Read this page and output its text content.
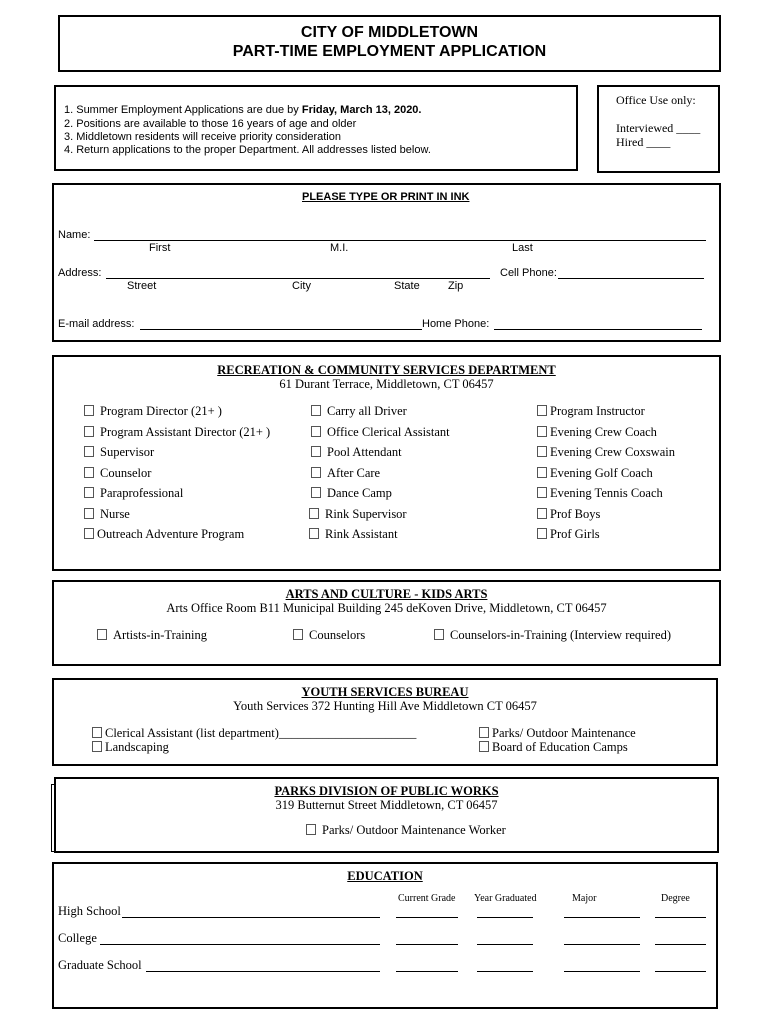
CITY OF MIDDLETOWN
PART-TIME EMPLOYMENT APPLICATION
1. Summer Employment Applications are due by Friday, March 13, 2020.
2. Positions are available to those 16 years of age and older
3. Middletown residents will receive priority consideration
4. Return applications to the proper Department. All addresses listed below.
Office Use only:
Interviewed ____
Hired ____
PLEASE TYPE OR PRINT IN INK
Name:
First	M.I.	Last
Address:
Street	City	State	Zip
Cell Phone:
E-mail address:	Home Phone:
RECREATION & COMMUNITY SERVICES DEPARTMENT
61 Durant Terrace, Middletown, CT 06457
Program Director (21+ )
Program Assistant Director (21+ )
Supervisor
Counselor
Paraprofessional
Nurse
Outreach Adventure Program
Carry all Driver
Office Clerical Assistant
Pool Attendant
After Care
Dance Camp
Rink Supervisor
Rink Assistant
Program Instructor
Evening Crew Coach
Evening Crew Coxswain
Evening Golf Coach
Evening Tennis Coach
Prof Boys
Prof Girls
ARTS AND CULTURE - KIDS ARTS
Arts Office Room B11 Municipal Building 245 deKoven Drive, Middletown, CT 06457
Artists-in-Training	Counselors	Counselors-in-Training (Interview required)
YOUTH SERVICES BUREAU
Youth Services 372 Hunting Hill Ave Middletown CT 06457
Clerical Assistant (list department)______________________
Landscaping
Parks/ Outdoor Maintenance
Board of Education Camps
PARKS DIVISION OF PUBLIC WORKS
319 Butternut Street Middletown, CT 06457
Parks/ Outdoor Maintenance Worker
EDUCATION
Current Grade Year Graduated	Major	Degree
High School
College
Graduate School
